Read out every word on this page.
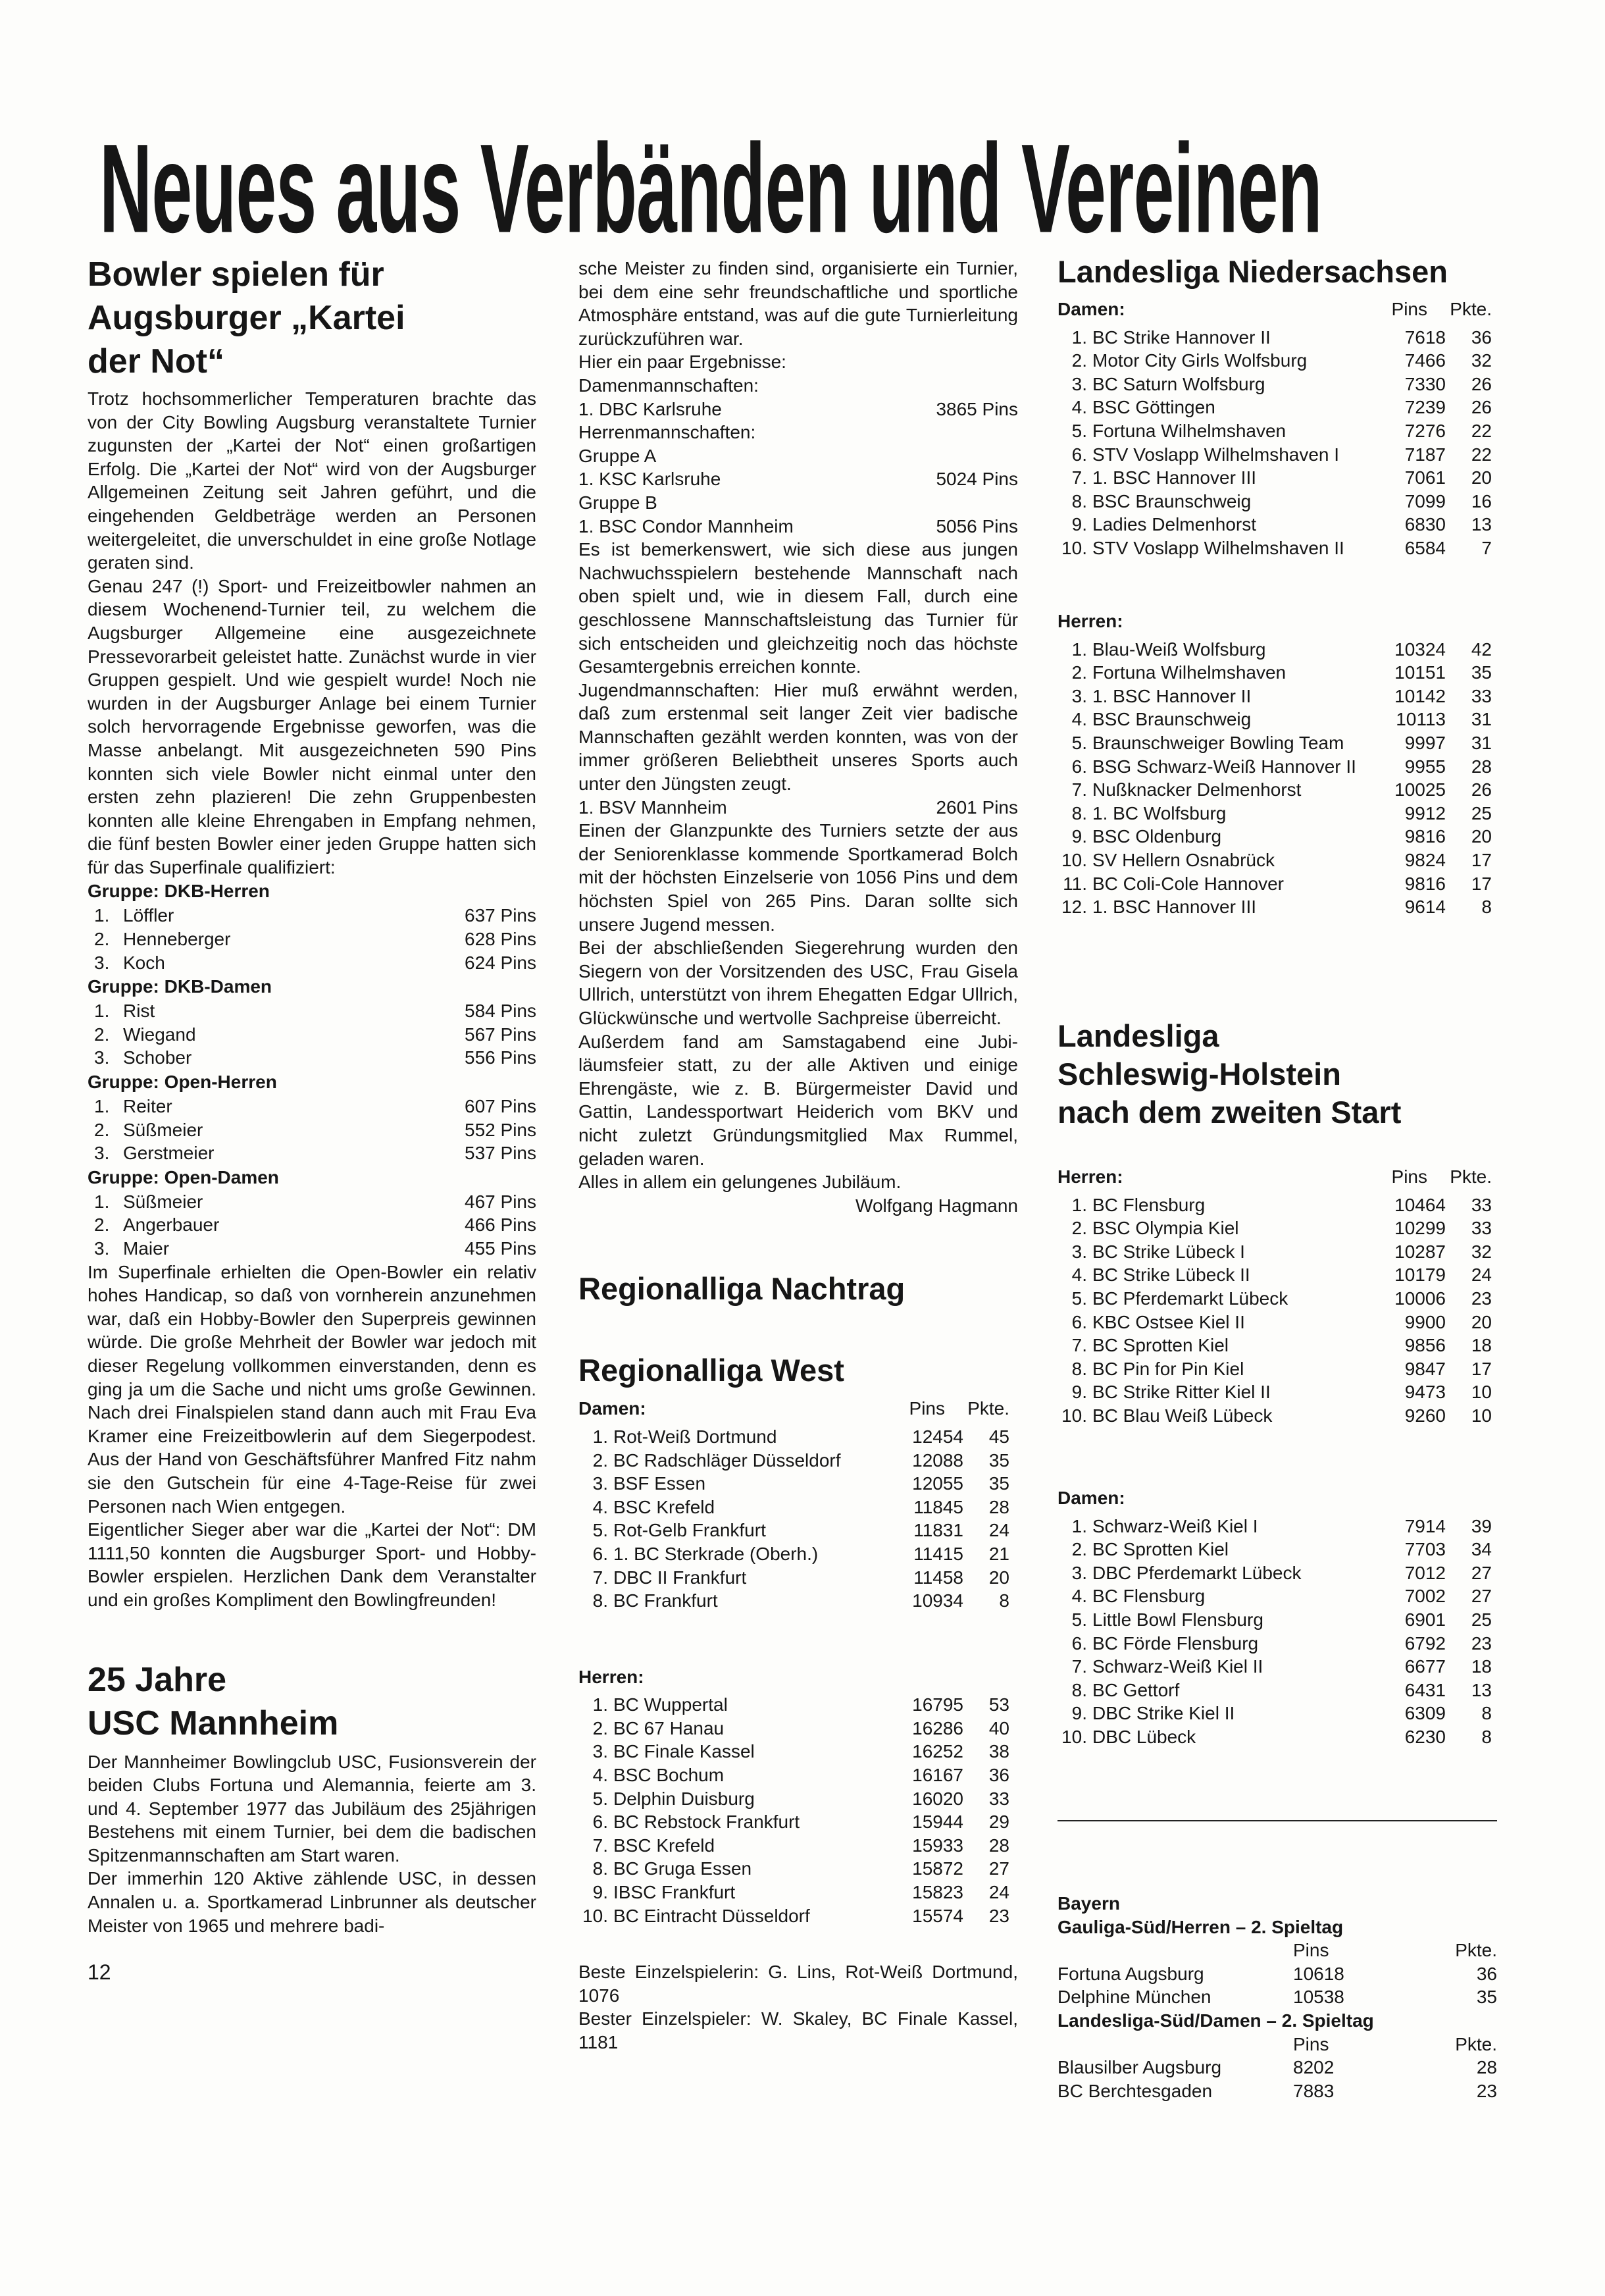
Neues aus Verbänden und Vereinen
Bowler spielen für
Augsburger „Kartei
der Not“

Trotz hochsommerlicher Temperaturen brachte das von der City Bowling Augsburg veranstaltete Turnier zugunsten der „Kartei der Not“ einen großartigen Erfolg. Die „Kartei der Not“ wird von der Augsburger Allgemeinen Zeitung seit Jahren geführt, und die eingehenden Geldbeträge werden an Personen weitergeleitet, die unverschuldet in eine große Notlage geraten sind.

Genau 247 (!) Sport- und Freizeitbowler nahmen an diesem Wochenend-Turnier teil, zu welchem die Augsburger Allgemeine eine ausgezeichnete Pressevorarbeit geleistet hatte. Zunächst wurde in vier Gruppen gespielt. Und wie gespielt wurde! Noch nie wurden in der Augsburger Anlage bei einem Turnier solch hervorragende Ergebnisse geworfen, was die Masse anbelangt. Mit ausgezeichneten 590 Pins konnten sich viele Bowler nicht einmal unter den ersten zehn plazieren! Die zehn Gruppenbesten konnten alle kleine Ehrengaben in Empfang nehmen, die fünf besten Bowler einer jeden Gruppe hatten sich für das Superfinale qualifiziert:

Gruppe: DKB-Herren
1. Löffler	637 Pins
2. Henneberger	628 Pins
3. Koch	624 Pins
Gruppe: DKB-Damen
1. Rist	584 Pins
2. Wiegand	567 Pins
3. Schober	556 Pins
Gruppe: Open-Herren
1. Reiter	607 Pins
2. Süßmeier	552 Pins
3. Gerstmeier	537 Pins
Gruppe: Open-Damen
1. Süßmeier	467 Pins
2. Angerbauer	466 Pins
3. Maier	455 Pins

Im Superfinale erhielten die Open-Bowler ein relativ hohes Handicap, so daß von vornherein anzunehmen war, daß ein Hobby-Bowler den Superpreis gewinnen würde. Die große Mehrheit der Bowler war jedoch mit dieser Regelung vollkommen einverstanden, denn es ging ja um die Sache und nicht ums große Gewinnen. Nach drei Finalspielen stand dann auch mit Frau Eva Kramer eine Freizeitbowlerin auf dem Siegerpodest. Aus der Hand von Geschäftsführer Manfred Fitz nahm sie den Gutschein für eine 4-Tage-Reise für zwei Personen nach Wien entgegen.

Eigentlicher Sieger aber war die „Kartei der Not“: DM 1111,50 konnten die Augsburger Sport- und Hobby-Bowler erspielen. Herzlichen Dank dem Veranstalter und ein großes Kompliment den Bowlingfreunden!

25 Jahre
USC Mannheim

Der Mannheimer Bowlingclub USC, Fusionsverein der beiden Clubs Fortuna und Alemannia, feierte am 3. und 4. September 1977 das Jubiläum des 25jährigen Bestehens mit einem Turnier, bei dem die badischen Spitzenmannschaften am Start waren.

Der immerhin 120 Aktive zählende USC, in dessen Annalen u. a. Sportkamerad Linbrunner als deutscher Meister von 1965 und mehrere badi-

12

sche Meister zu finden sind, organisierte ein Turnier, bei dem eine sehr freundschaftliche und sportliche Atmosphäre entstand, was auf die gute Turnierleitung zurückzuführen war.

Hier ein paar Ergebnisse:
Damenmannschaften:
1. DBC Karlsruhe	3865 Pins
Herrenmannschaften:
Gruppe A
1. KSC Karlsruhe	5024 Pins
Gruppe B
1. BSC Condor Mannheim	5056 Pins

Es ist bemerkenswert, wie sich diese aus jungen Nachwuchsspielern bestehende Mannschaft nach oben spielt und, wie in diesem Fall, durch eine geschlossene Mannschaftsleistung das Turnier für sich entscheiden und gleichzeitig noch das höchste Gesamtergebnis erreichen konnte.

Jugendmannschaften: Hier muß erwähnt werden, daß zum erstenmal seit langer Zeit vier badische Mannschaften gezählt werden konnten, was von der immer größeren Beliebtheit unseres Sports auch unter den Jüngsten zeugt.

1. BSV Mannheim	2601 Pins

Einen der Glanzpunkte des Turniers setzte der aus der Seniorenklasse kommende Sportkamerad Bolch mit der höchsten Einzelserie von 1056 Pins und dem höchsten Spiel von 265 Pins. Daran sollte sich unsere Jugend messen.

Bei der abschließenden Siegerehrung wurden den Siegern von der Vorsitzenden des USC, Frau Gisela Ullrich, unterstützt von ihrem Ehegatten Edgar Ullrich, Glückwünsche und wertvolle Sachpreise überreicht.

Außerdem fand am Samstagabend eine Jubiläumsfeier statt, zu der alle Aktiven und einige Ehrengäste, wie z. B. Bürgermeister David und Gattin, Landessportwart Heiderich vom BKV und nicht zuletzt Gründungsmitglied Max Rummel, geladen waren.

Alles in allem ein gelungenes Jubiläum.

Wolfgang Hagmann
Regionalliga Nachtrag
Regionalliga West
Damen:	Pins	Pkte.
1. Rot-Weiß Dortmund	12454	45
2. BC Radschläger Düsseldorf	12088	35
3. BSF Essen	12055	35
4. BSC Krefeld	11845	28
5. Rot-Gelb Frankfurt	11831	24
6. 1. BC Sterkrade (Oberh.)	11415	21
7. DBC II Frankfurt	11458	20
8. BC Frankfurt	10934	8
Herren:
1. BC Wuppertal	16795	53
2. BC 67 Hanau	16286	40
3. BC Finale Kassel	16252	38
4. BSC Bochum	16167	36
5. Delphin Duisburg	16020	33
6. BC Rebstock Frankfurt	15944	29
7. BSC Krefeld	15933	28
8. BC Gruga Essen	15872	27
9. IBSC Frankfurt	15823	24
10. BC Eintracht Düsseldorf	15574	23

Beste Einzelspielerin: G. Lins, Rot-Weiß Dortmund, 1076

Bester Einzelspieler: W. Skaley, BC Finale Kassel, 1181

Landesliga Niedersachsen
Damen:	Pins	Pkte.
1. BC Strike Hannover II	7618	36
2. Motor City Girls Wolfsburg	7466	32
3. BC Saturn Wolfsburg	7330	26
4. BSC Göttingen	7239	26
5. Fortuna Wilhelmshaven	7276	22
6. STV Voslapp Wilhelmshaven I	7187	22
7. 1. BSC Hannover III	7061	20
8. BSC Braunschweig	7099	16
9. Ladies Delmenhorst	6830	13
10. STV Voslapp Wilhelmshaven II	6584	7
Herren:
1. Blau-Weiß Wolfsburg	10324	42
2. Fortuna Wilhelmshaven	10151	35
3. 1. BSC Hannover II	10142	33
4. BSC Braunschweig	10113	31
5. Braunschweiger Bowling Team	9997	31
6. BSG Schwarz-Weiß Hannover II	9955	28
7. Nußknacker Delmenhorst	10025	26
8. 1. BC Wolfsburg	9912	25
9. BSC Oldenburg	9816	20
10. SV Hellern Osnabrück	9824	17
11. BC Coli-Cole Hannover	9816	17
12. 1. BSC Hannover III	9614	8
Landesliga
Schleswig-Holstein
nach dem zweiten Start
Herren:	Pins	Pkte.
1. BC Flensburg	10464	33
2. BSC Olympia Kiel	10299	33
3. BC Strike Lübeck I	10287	32
4. BC Strike Lübeck II	10179	24
5. BC Pferdemarkt Lübeck	10006	23
6. KBC Ostsee Kiel II	9900	20
7. BC Sprotten Kiel	9856	18
8. BC Pin for Pin Kiel	9847	17
9. BC Strike Ritter Kiel II	9473	10
10. BC Blau Weiß Lübeck	9260	10
Damen:
1. Schwarz-Weiß Kiel I	7914	39
2. BC Sprotten Kiel	7703	34
3. DBC Pferdemarkt Lübeck	7012	27
4. BC Flensburg	7002	27
5. Little Bowl Flensburg	6901	25
6. BC Förde Flensburg	6792	23
7. Schwarz-Weiß Kiel II	6677	18
8. BC Gettorf	6431	13
9. DBC Strike Kiel II	6309	8
10. DBC Lübeck	6230	8
Bayern
Gauliga-Süd/Herren – 2. Spieltag
Pins	Pkte.
Fortuna Augsburg	10618	36
Delphine München	10538	35
Landesliga-Süd/Damen – 2. Spieltag
Pins	Pkte.
Blausilber Augsburg	8202	28
BC Berchtesgaden	7883	23
